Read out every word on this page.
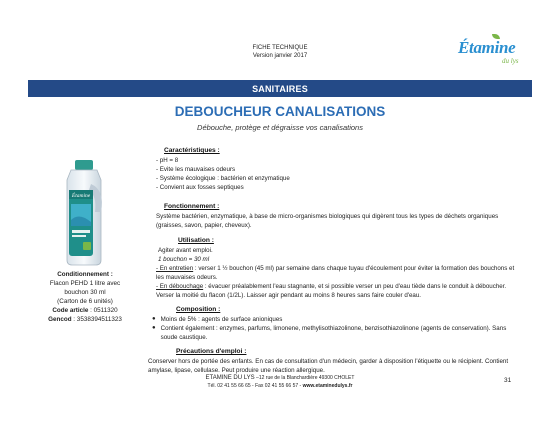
FICHE TECHNIQUE
Version janvier 2017	Étamine
du lys
SANITAIRES
DEBOUCHEUR CANALISATIONS
Débouche, protège et dégraisse vos canalisations
Étamine
Conditionnement :
Flacon PEHD 1 litre avec
bouchon 30 ml
(Carton de 6 unités)
Code article : 0511320
Gencod : 3538394511323
Caractéristiques :
- pH = 8
- Evite les mauvaises odeurs
- Système écologique : bactérien et enzymatique
- Convient aux fosses septiques
Fonctionnement :
Système bactérien, enzymatique, à base de micro-organismes biologiques qui digèrent tous les types de déchets organiques (graisses, savon, papier, cheveux).
Utilisation :
Agiter avant emploi.
1 bouchon = 30 ml
- En entretien : verser 1 ½ bouchon (45 ml) par semaine dans chaque tuyau d'écoulement pour éviter la formation des bouchons et les mauvaises odeurs.
- En débouchage : évacuer préalablement l'eau stagnante, et si possible verser un peu d'eau tiède dans le conduit à déboucher. Verser la moitié du flacon (1/2L). Laisser agir pendant au moins 8 heures sans faire couler d'eau.
Composition :
● Moins de 5% : agents de surface anioniques
● Contient également : enzymes, parfums, limonene, methylisothiazolinone, benzisothiazolinone (agents de conservation). Sans soude caustique.
Précautions d'emploi :
Conserver hors de portée des enfants. En cas de consultation d'un médecin, garder à disposition l'étiquette ou le récipient. Contient amylase, lipase, cellulase. Peut produire une réaction allergique.
ETAMINE DU LYS –12 rue de la Blanchardière 49300 CHOLET
Tél. 02 41 55 66 65 - Fax 02 41 55 66 57 - www.etaminedulys.fr
31
